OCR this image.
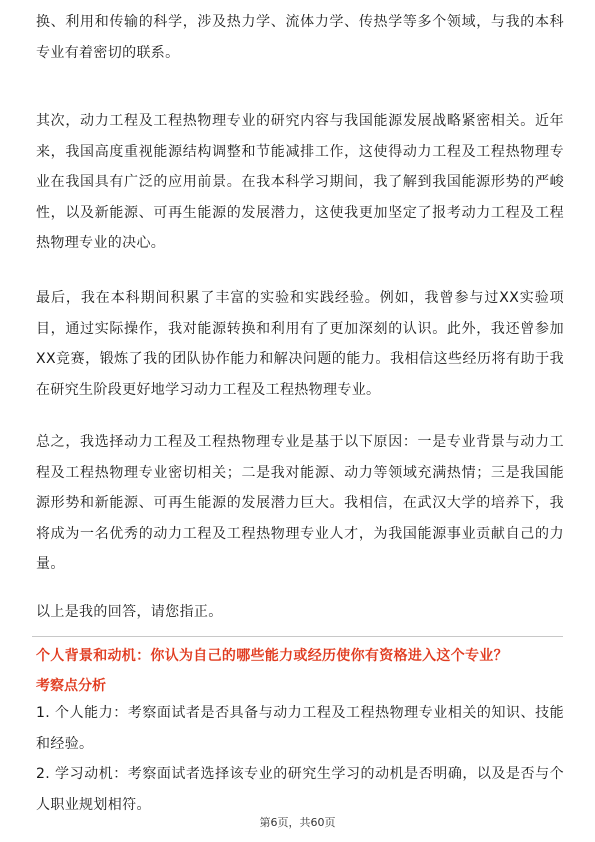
换、利用和传输的科学，涉及热力学、流体力学、传热学等多个领域，与我的本科专业有着密切的联系。

其次，动力工程及工程热物理专业的研究内容与我国能源发展战略紧密相关。近年来，我国高度重视能源结构调整和节能减排工作，这使得动力工程及工程热物理专业在我国具有广泛的应用前景。在我本科学习期间，我了解到我国能源形势的严峻性，以及新能源、可再生能源的发展潜力，这使我更加坚定了报考动力工程及工程热物理专业的决心。

最后，我在本科期间积累了丰富的实验和实践经验。例如，我曾参与过XX实验项目，通过实际操作，我对能源转换和利用有了更加深刻的认识。此外，我还曾参加XX竞赛，锻炼了我的团队协作能力和解决问题的能力。我相信这些经历将有助于我在研究生阶段更好地学习动力工程及工程热物理专业。

总之，我选择动力工程及工程热物理专业是基于以下原因：一是专业背景与动力工程及工程热物理专业密切相关；二是我对能源、动力等领域充满热情；三是我国能源形势和新能源、可再生能源的发展潜力巨大。我相信，在武汉大学的培养下，我将成为一名优秀的动力工程及工程热物理专业人才，为我国能源事业贡献自己的力量。

以上是我的回答，请您指正。

个人背景和动机：你认为自己的哪些能力或经历使你有资格进入这个专业？

考察点分析

1. 个人能力：考察面试者是否具备与动力工程及工程热物理专业相关的知识、技能和经验。
2. 学习动机：考察面试者选择该专业的研究生学习的动机是否明确，以及是否与个人职业规划相符。
第6页，共60页
